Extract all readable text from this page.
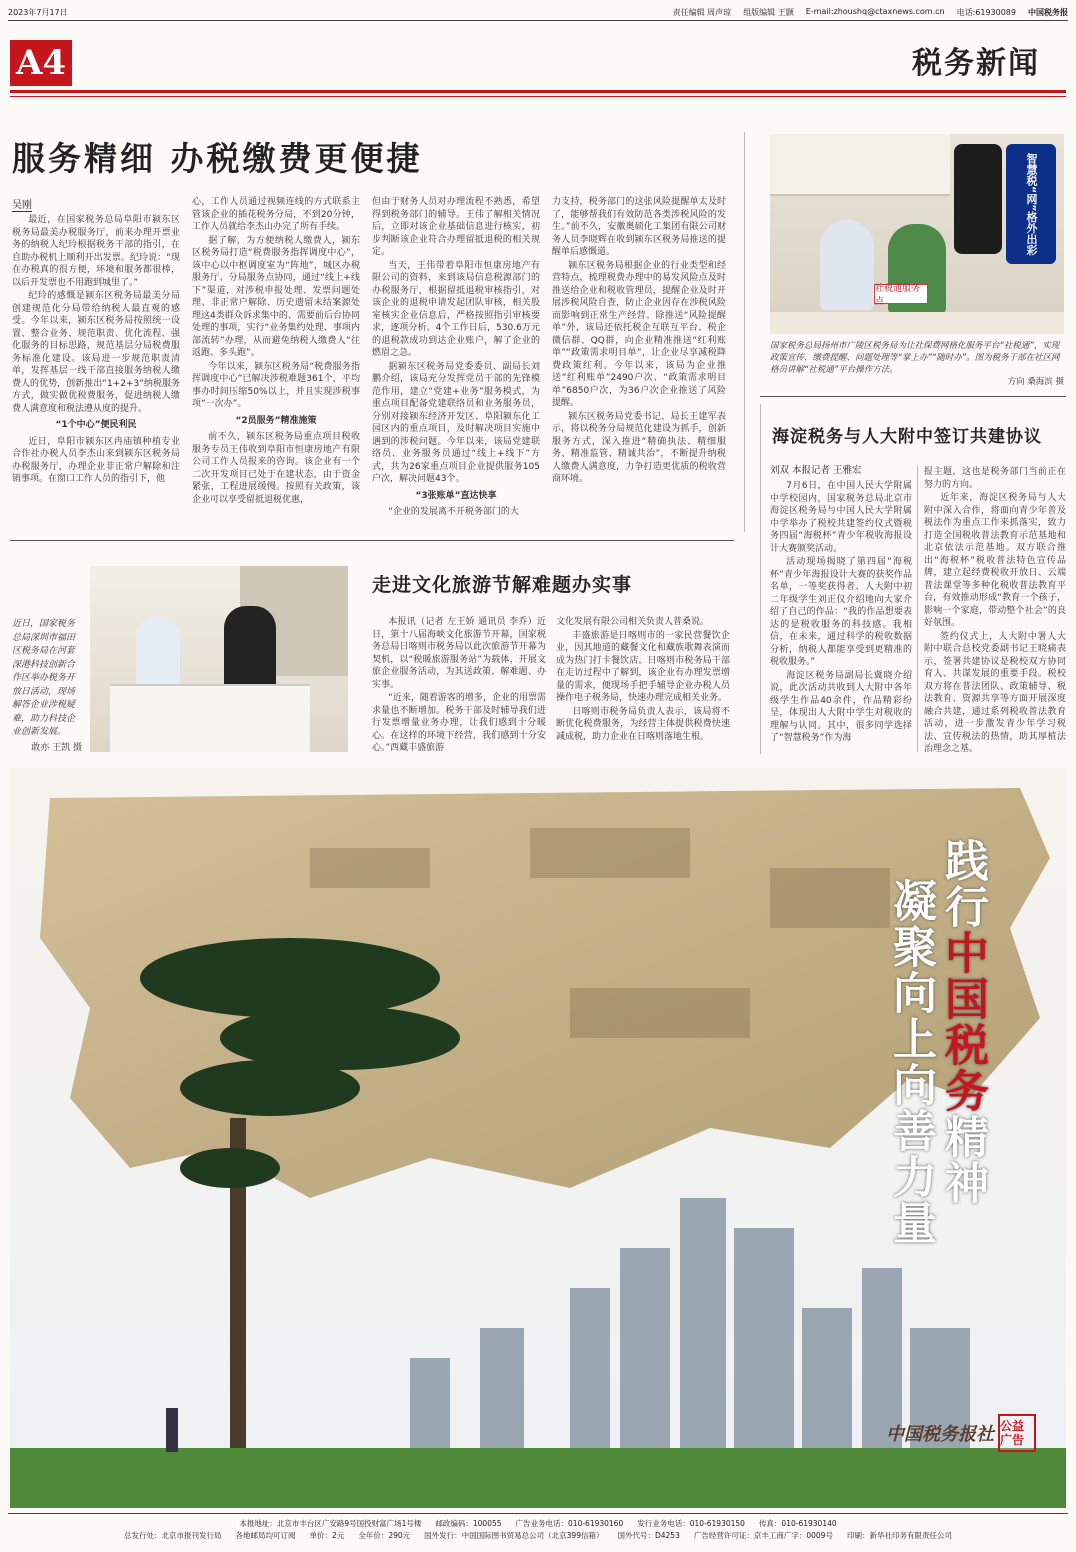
2023年7月17日	责任编辑 周声琼 组版编辑 王颢 E-mail:zhoushq@ctaxnews.com.cn 电话:61930089 中国税务报
A4	税务新闻
服务精细 办税缴费更便捷
吴刚

最近，在国家税务总局阜阳市颍东区税务局最美办税服务厅，前来办理开票业务的纳税人纪玲根据税务干部的指引，在自助办税机上顺利开出发票。纪玲说：“现在办税真的很方便，环境和服务都很棒，以后开发票也不用跑到城里了。”

纪玲的感慨是颍东区税务局最美分局创建规范化分局带给纳税人最直观的感受。今年以来，颍东区税务局按照统一设置、整合业务、规范职责、优化流程、强化服务的目标思路，规范基层分局税费服务标准化建设。该局进一步规范职责清单，发挥基层一线干部直接服务纳税人缴费人的优势，创新推出“1+2+3”纳税服务方式，做实做优税费服务，促进纳税人缴费人满意度和税法遵从度的提升。

“1个中心”便民利民

近日，阜阳市颍东区冉庙镇种植专业合作社办税人员李杰山来到颍东区税务局办税服务厅，办理企业非正常户解除和注销事项。在窗口工作人员的指引下，他

心，工作人员通过视频连线的方式联系主管该企业的插花税务分局，不到20分钟，工作人员就给李杰山办完了所有手续。

据了解，为方便纳税人缴费人，颍东区税务局打造“税费服务指挥调度中心”，该中心以中枢调度室为“阵地”，城区办税服务厅、分局服务点协同，通过“线上+线下”渠道，对涉税申报处理、发票问题处理、非正常户解除、历史遗留未结案源处理这4类群众诉求集中的、需要前后台协同处理的事项，实行“业务集约处理、事项内部流转”办理，从而避免纳税人缴费人“往返跑、多头跑”。

今年以来，颍东区税务局“税费服务指挥调度中心”已解决涉税难题361个，平均事办时间压缩50%以上，并且实现涉税事项“一次办”。

“2员服务”精准施策

前不久，颍东区税务局重点项目税收服务专员王伟收到阜阳市恒康房地产有限公司工作人员报来的咨询。该企业有一个二次开发项目已处于在建状态，由于资金紧张，工程进展缓慢。按照有关政策，该企业可以享受留抵退税优惠，

但由于财务人员对办理流程不熟悉，希望得到税务部门的辅导。王伟了解相关情况后，立即对该企业基础信息进行核实，初步判断该企业符合办理留抵退税的相关规定。

当天，王伟带着阜阳市恒康房地产有限公司的资料，来到该局信息税源部门的办税服务厅，根据留抵退税审核指引，对该企业的退税申请发起团队审核，相关股室核实企业信息后，严格按照指引审核要求，逐项分析。4个工作日后，530.6万元的退税款成功到达企业账户，解了企业的燃眉之急。

据颍东区税务局党委委员、副局长刘鹏介绍，该局充分发挥党员干部的先锋模范作用，建立“党建+业务”服务模式，为重点项目配备党建联络员和业务服务员，分别对接颍东经济开发区、阜阳颍东化工园区内的重点项目，及时解决项目实施中遇到的涉税问题。今年以来，该局党建联络员、业务服务员通过“线上+线下”方式，共为26家重点项目企业提供服务105户次，解决问题43个。

“3张账单”直达快享

“企业的发展离不开税务部门的大

力支持，税务部门的这张风险提醒单太及时了，能够帮我们有效防范各类涉税风险的发生。”前不久，安徽奥硕化工集团有限公司财务人员李晓辉在收到颍东区税务局推送的提醒单后感慨道。

颍东区税务局根据企业的行业类型和经营特点，梳理税费办理中的易发风险点及时推送给企业和税收管理员，提醒企业及时开展涉税风险自查，防止企业因存在涉税风险而影响到正常生产经营。除推送“风险提醒单”外，该局还依托税企互联互平台、税企微信群、QQ群，向企业精准推送“红利账单”“政策需求明目单”，让企业尽享减税降费政策红利。今年以来，该局为企业推送“红利账单”2490户次、“政策需求明目单”6850户次，为36户次企业推送了风险提醒。

颍东区税务局党委书记、局长王建军表示，将以税务分局规范化建设为抓手，创新服务方式，深入推进“精确执法、精细服务、精准监管、精诚共治”，不断提升纳税人缴费人满意度，力争打造更优质的税收营商环境。

智慧税“网”格外出彩
社税通服务点
国家税务总局扬州市广陵区税务局为让社保费网格化服务平台“社税通”，实现政策宣传、缴费提醒、问题处理等“掌上办”“随时办”。图为税务干部在社区网格员讲解“社税通”平台操作方法。
方向 桑海滨 摄
海淀税务与人大附中签订共建协议
刘双 本报记者 王雅宏

7月6日，在中国人民大学附属中学校园内，国家税务总局北京市海淀区税务局与中国人民大学附属中学举办了税校共建签约仪式暨税务四届“海税杯”青少年税收海报设计大赛颁奖活动。

活动现场揭晓了第四届“海税杯”青少年海报设计大赛的获奖作品名单，一等奖获得者、人大附中初二年级学生刘正仪介绍地向大家介绍了自己的作品：“我的作品想要表达的是税收服务的科技感。我相信，在未来，通过科学的税收数据分析，纳税人都能享受到更精准的税收服务。”

海淀区税务局副局长冀晓介绍说，此次活动共收到人大附中各年级学生作品40余件，作品精彩纷呈，体现出人大附中学生对税收的理解与认同。其中，很多同学选择了“智慧税务”作为海

报主题，这也是税务部门当前正在努力的方向。

近年来，海淀区税务局与人大附中深入合作，将面向青少年普及税法作为重点工作来抓落实，致力打造全国税收普法教育示范基地和北京依法示范基地。双方联合推出“海税杯”税收普法特色宣传品牌，建立起经费税收开放日、云端普法课堂等多种化税收普法教育平台，有效推动形成“教育一个孩子，影响一个家庭，带动整个社会”的良好氛围。

签约仪式上，人大附中署人大附中联合总校党委副书记王晓痛表示，签署共建协议是税校双方协同育人、共谋发展的重要手段。税校双方将在普法团队、政策辅导、税法教育、资源共享等方面开展深度融合共建，通过系列税收普法教育活动，进一步激发青少年学习税法、宣传税法的热情，助其厚植法治理念之基。

近日，国家税务总局深圳市福田区税务局在河套深港科技创新合作区举办税务开放日活动，现场解答企业涉税疑难，助力科技企业创新发展。
敢亦 王凯 摄
走进文化旅游节解难题办实事

本报讯（记者 左王娇 通讯员 李乔）近日，第十八届海峡文化旅游节开幕，国家税务总局日喀则市税务局以此次旅游节开幕为契机，以“税暖旅游服务站”为载体，开展文旅企业服务活动，为其送政策、解难题、办实事。

“近来，随着游客的增多，企业的用票需求量也不断增加。税务干部及时辅导我们进行发票增量业务办理，让我们感到十分暖心。在这样的环境下经营，我们感到十分安心。”西藏丰盛旅游

文化发展有限公司相关负责人普桑说。

丰盛旅游是日喀则市的一家民营餐饮企业，因其地道的藏餐文化和藏族歌舞表演而成为热门打卡餐饮店。日喀则市税务局干部在走访过程中了解到，该企业有办理发票增量的需求，便现场手把手辅导企业办税人员操作电子税务局，快速办理完成相关业务。

日喀则市税务局负责人表示，该局将不断优化税费服务，为经营主体提供税费快速减成税，助力企业在日喀则落地生根。

践行中国税务精神
凝聚向上向善力量
中国税务报社 公益广告
本报地址：北京市丰台区广安路9号国投财富广场1号楼 邮政编码：100055 广告业务电话：010-61930160 发行业务电话：010-61930150 传真：010-61930140
总发行处：北京市报刊发行局 各地邮局均可订阅 单价：2元 全年价：290元 国外发行：中国国际图书贸易总公司（北京399信箱） 国外代号：D4253 广告经营许可证：京丰工商广字：0009号 印刷：新华社印务有限责任公司
